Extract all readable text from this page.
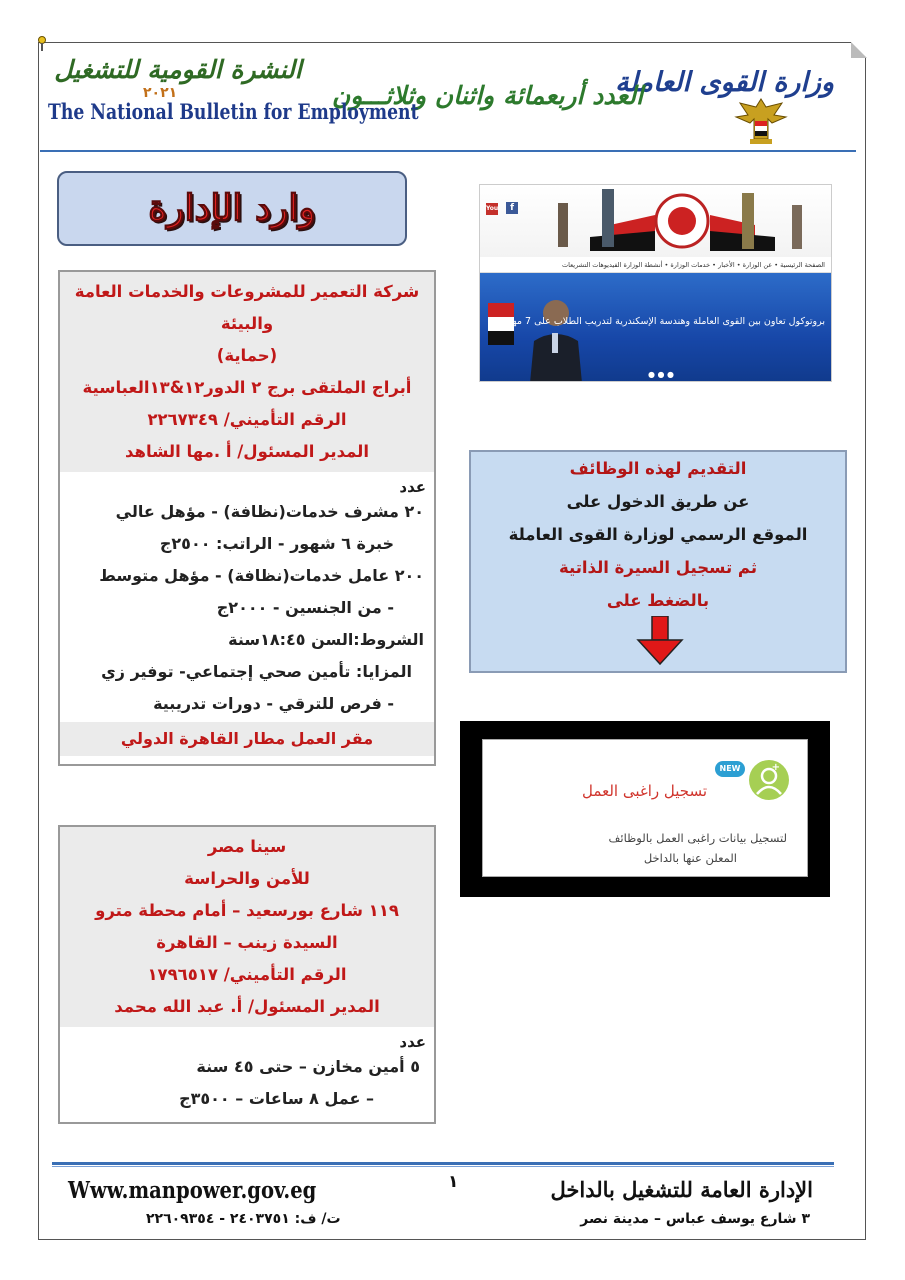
وزارة القوى العاملة
العدد أربعمائة واثنان وثلاثـــون
النشرة القومية للتشغيل
٢٠٢١
The National Bulletin for Employment
وارد الإدارة
شركة التعمير للمشروعات والخدمات العامة
والبيئة
(حماية)
أبراج الملتقى برج ٢ الدور١٢&١٣العباسية
الرقم التأميني/ ٢٢٦٧٣٤٩
المدير المسئول/ أ .مها الشاهد
عدد
٢٠ مشرف خدمات(نظافة) - مؤهل عالي
خبرة ٦ شهور - الراتب: ٢٥٠٠ج
٢٠٠ عامل خدمات(نظافة) - مؤهل متوسط
- من الجنسين - ٢٠٠٠ج
الشروط:السن ١٨:٤٥سنة
المزايا: تأمين صحي إجتماعي- توفير زي
- فرص للترقي - دورات تدريبية
مقر العمل مطار القاهرة الدولي
سينا مصر
للأمن والحراسة
١١٩ شارع بورسعيد – أمام محطة مترو
السيدة زينب – القاهرة
الرقم التأميني/ ١٧٩٦٥١٧
المدير المسئول/ أ. عبد الله محمد
عدد
٥ أمين مخازن – حتى ٤٥ سنة
– عمل ٨ ساعات – ٣٥٠٠ج
You f
الصفحة الرئيسية • عن الوزارة • الأخبار • خدمات الوزارة • أنشطة الوزارة الفيديوهات التشريعات
بروتوكول تعاون بين القوى العاملة وهندسة الإسكندرية لتدريب الطلاب على 7 مهن
● ● ●
التقديم لهذه الوظائف
عن طريق الدخول على
الموقع الرسمي لوزارة القوى العاملة
ثم تسجيل السيرة الذاتية
بالضغط على
+
NEW
تسجيل راغبى العمل
لتسجيل بيانات راغبى العمل بالوظائف
المعلن عنها بالداخل
الإدارة العامة للتشغيل بالداخل
١
Www.manpower.gov.eg
٣ شارع يوسف عباس – مدينة نصر
ت/ ف: ٢٤٠٣٧٥١ - ٢٢٦٠٩٣٥٤
